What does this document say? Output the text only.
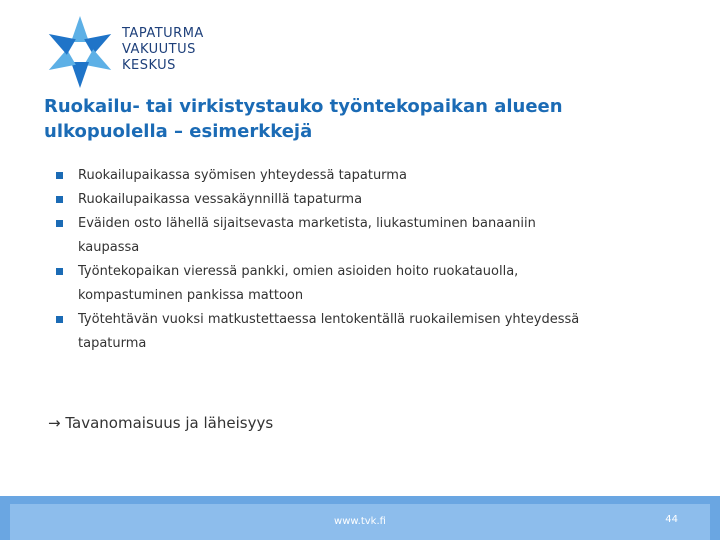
TAPATURMA
VAKUUTUS
KESKUS
Ruokailu- tai virkistystauko työntekopaikan alueen ulkopuolella – esimerkkejä
Ruokailupaikassa syömisen yhteydessä tapaturma
Ruokailupaikassa vessakäynnillä tapaturma
Eväiden osto lähellä sijaitsevasta marketista, liukastuminen banaaniin
kaupassa
Työntekopaikan vieressä pankki, omien asioiden hoito ruokatauolla,
kompastuminen pankissa mattoon
Työtehtävän vuoksi matkustettaessa lentokentällä ruokailemisen yhteydessä
tapaturma
→ Tavanomaisuus ja läheisyys
www.tvk.fi	44
